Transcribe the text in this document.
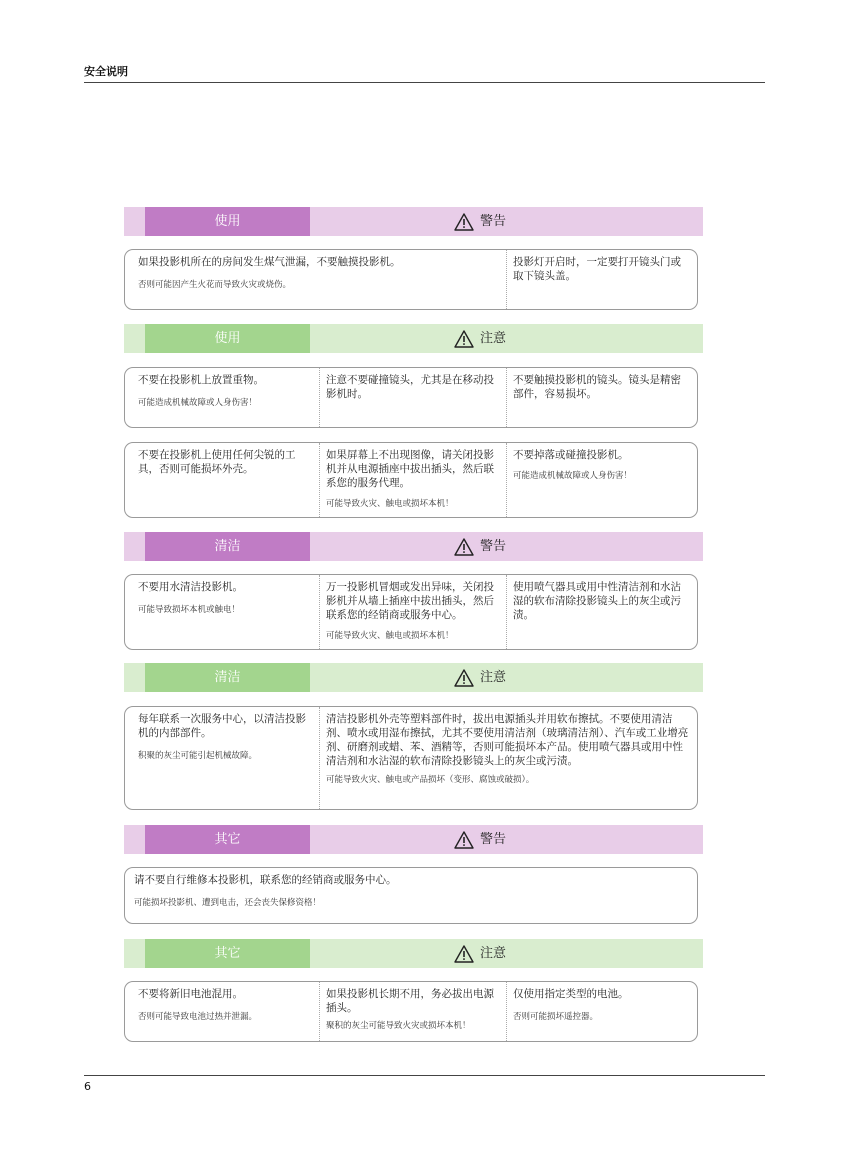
安全说明
使用	警告
如果投影机所在的房间发生煤气泄漏，不要触摸投影机。
否则可能因产生火花而导致火灾或烧伤。
投影灯开启时，一定要打开镜头门或取下镜头盖。
使用	注意
不要在投影机上放置重物。
可能造成机械故障或人身伤害！
注意不要碰撞镜头，尤其是在移动投影机时。
不要触摸投影机的镜头。镜头是精密部件，容易损坏。
不要在投影机上使用任何尖锐的工具，否则可能损坏外壳。
如果屏幕上不出现图像，请关闭投影机并从电源插座中拔出插头，然后联系您的服务代理。
可能导致火灾、触电或损坏本机！
不要掉落或碰撞投影机。
可能造成机械故障或人身伤害！
清洁	警告
不要用水清洁投影机。
可能导致损坏本机或触电！
万一投影机冒烟或发出异味，关闭投影机并从墙上插座中拔出插头，然后联系您的经销商或服务中心。
可能导致火灾、触电或损坏本机！
使用喷气器具或用中性清洁剂和水沾湿的软布清除投影镜头上的灰尘或污渍。
清洁	注意
每年联系一次服务中心，以清洁投影机的内部部件。
积聚的灰尘可能引起机械故障。
清洁投影机外壳等塑料部件时，拔出电源插头并用软布擦拭。不要使用清洁剂、喷水或用湿布擦拭，尤其不要使用清洁剂（玻璃清洁剂）、汽车或工业增亮剂、研磨剂或蜡、苯、酒精等，否则可能损坏本产品。使用喷气器具或用中性清洁剂和水沾湿的软布清除投影镜头上的灰尘或污渍。
可能导致火灾、触电或产品损坏（变形、腐蚀或破损）。
其它	警告
请不要自行维修本投影机，联系您的经销商或服务中心。
可能损坏投影机、遭到电击，还会丧失保修资格！
其它	注意
不要将新旧电池混用。
否则可能导致电池过热并泄漏。
如果投影机长期不用，务必拔出电源插头。
聚积的灰尘可能导致火灾或损坏本机！
仅使用指定类型的电池。
否则可能损坏遥控器。
6
